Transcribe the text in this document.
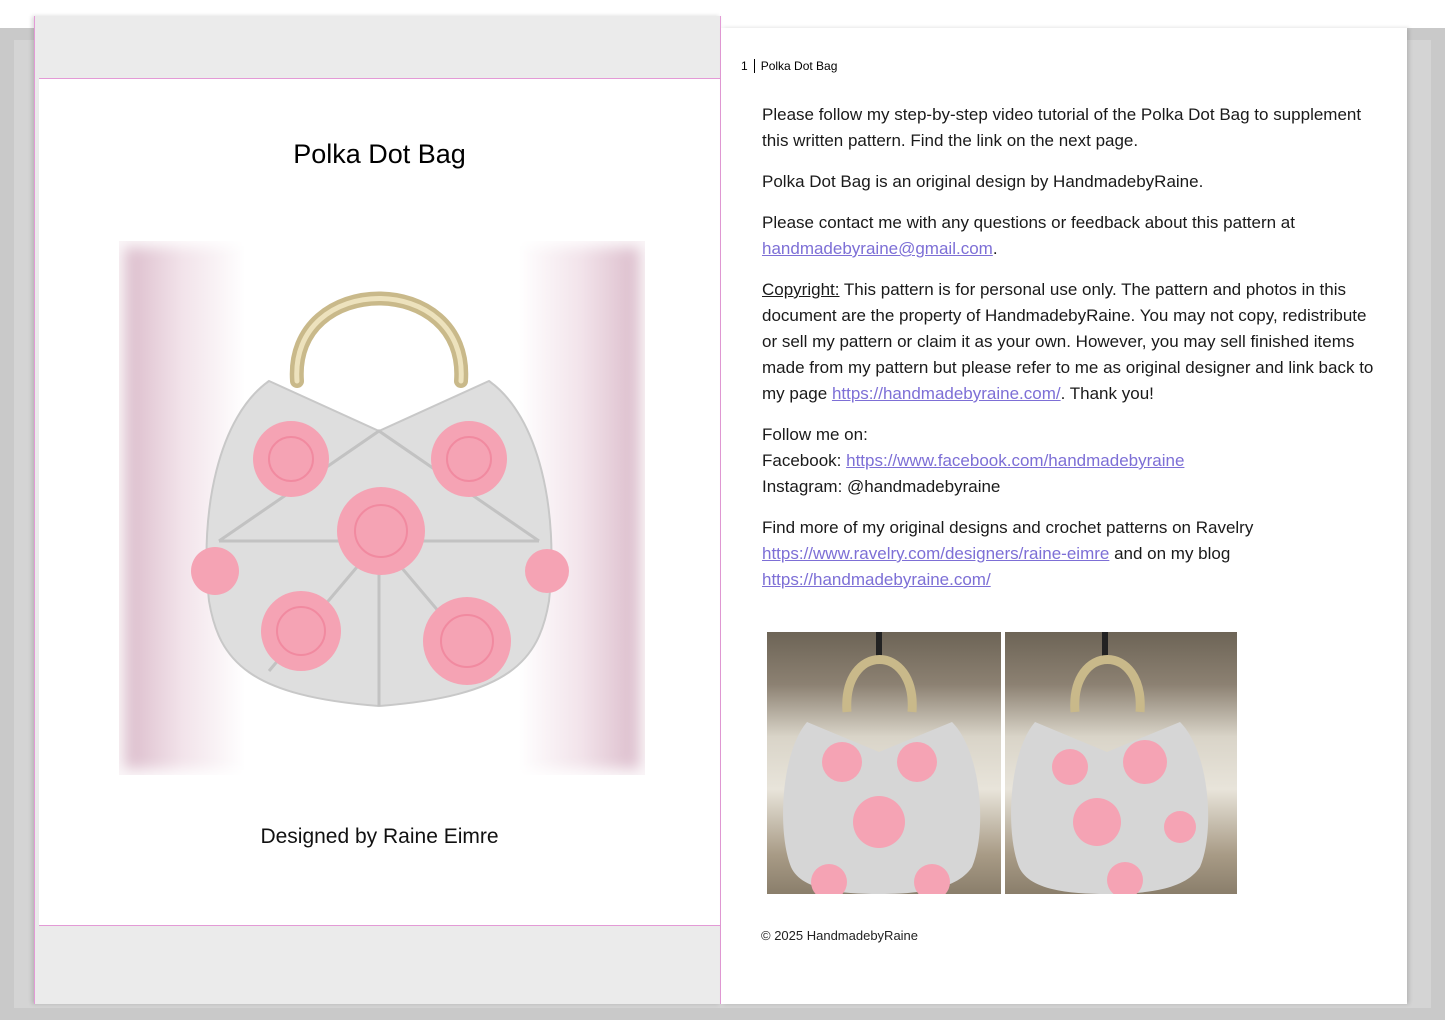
Polka Dot Bag
Designed by Raine Eimre
1 Polka Dot Bag

Please follow my step-by-step video tutorial of the Polka Dot Bag to supplement this written pattern. Find the link on the next page.

Polka Dot Bag is an original design by HandmadebyRaine.

Please contact me with any questions or feedback about this pattern at
handmadebyraine@gmail.com.

Copyright: This pattern is for personal use only. The pattern and photos in this document are the property of HandmadebyRaine. You may not copy, redistribute or sell my pattern or claim it as your own. However, you may sell finished items made from my pattern but please refer to me as original designer and link back to my page https://handmadebyraine.com/. Thank you!

Follow me on:
Facebook: https://www.facebook.com/handmadebyraine
Instagram: @handmadebyraine

Find more of my original designs and crochet patterns on Ravelry
https://www.ravelry.com/designers/raine-eimre and on my blog
https://handmadebyraine.com/

© 2025 HandmadebyRaine
